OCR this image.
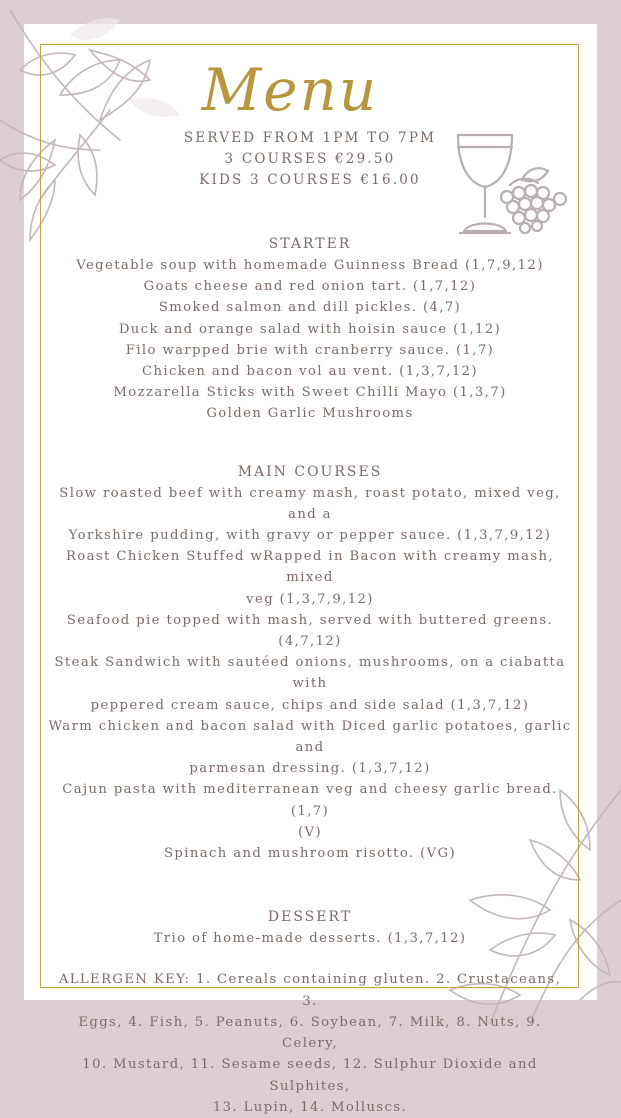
Menu
SERVED FROM 1PM TO 7PM
3 COURSES €29.50
KIDS 3 COURSES €16.00
STARTER
Vegetable soup with homemade Guinness Bread (1,7,9,12)
Goats cheese and red onion tart. (1,7,12)
Smoked salmon and dill pickles. (4,7)
Duck and orange salad with hoisin sauce (1,12)
Filo warpped brie with cranberry sauce. (1,7)
Chicken and bacon vol au vent. (1,3,7,12)
Mozzarella Sticks with Sweet Chilli Mayo (1,3,7)
Golden Garlic Mushrooms
MAIN COURSES
Slow roasted beef with creamy mash, roast potato, mixed veg, and a
Yorkshire pudding, with gravy or pepper sauce. (1,3,7,9,12)
Roast Chicken Stuffed wRapped in Bacon with creamy mash, mixed
veg (1,3,7,9,12)
Seafood pie topped with mash, served with buttered greens. (4,7,12)
Steak Sandwich with sautéed onions, mushrooms, on a ciabatta with
peppered cream sauce, chips and side salad (1,3,7,12)
Warm chicken and bacon salad with Diced garlic potatoes, garlic and
parmesan dressing. (1,3,7,12)
Cajun pasta with mediterranean veg and cheesy garlic bread. (1,7)
(V)
Spinach and mushroom risotto. (VG)
DESSERT
Trio of home-made desserts. (1,3,7,12)
ALLERGEN KEY: 1. Cereals containing gluten. 2. Crustaceans, 3.
Eggs, 4. Fish, 5. Peanuts, 6. Soybean, 7. Milk, 8. Nuts, 9. Celery,
10. Mustard, 11. Sesame seeds, 12. Sulphur Dioxide and Sulphites,
13. Lupin, 14. Molluscs.
